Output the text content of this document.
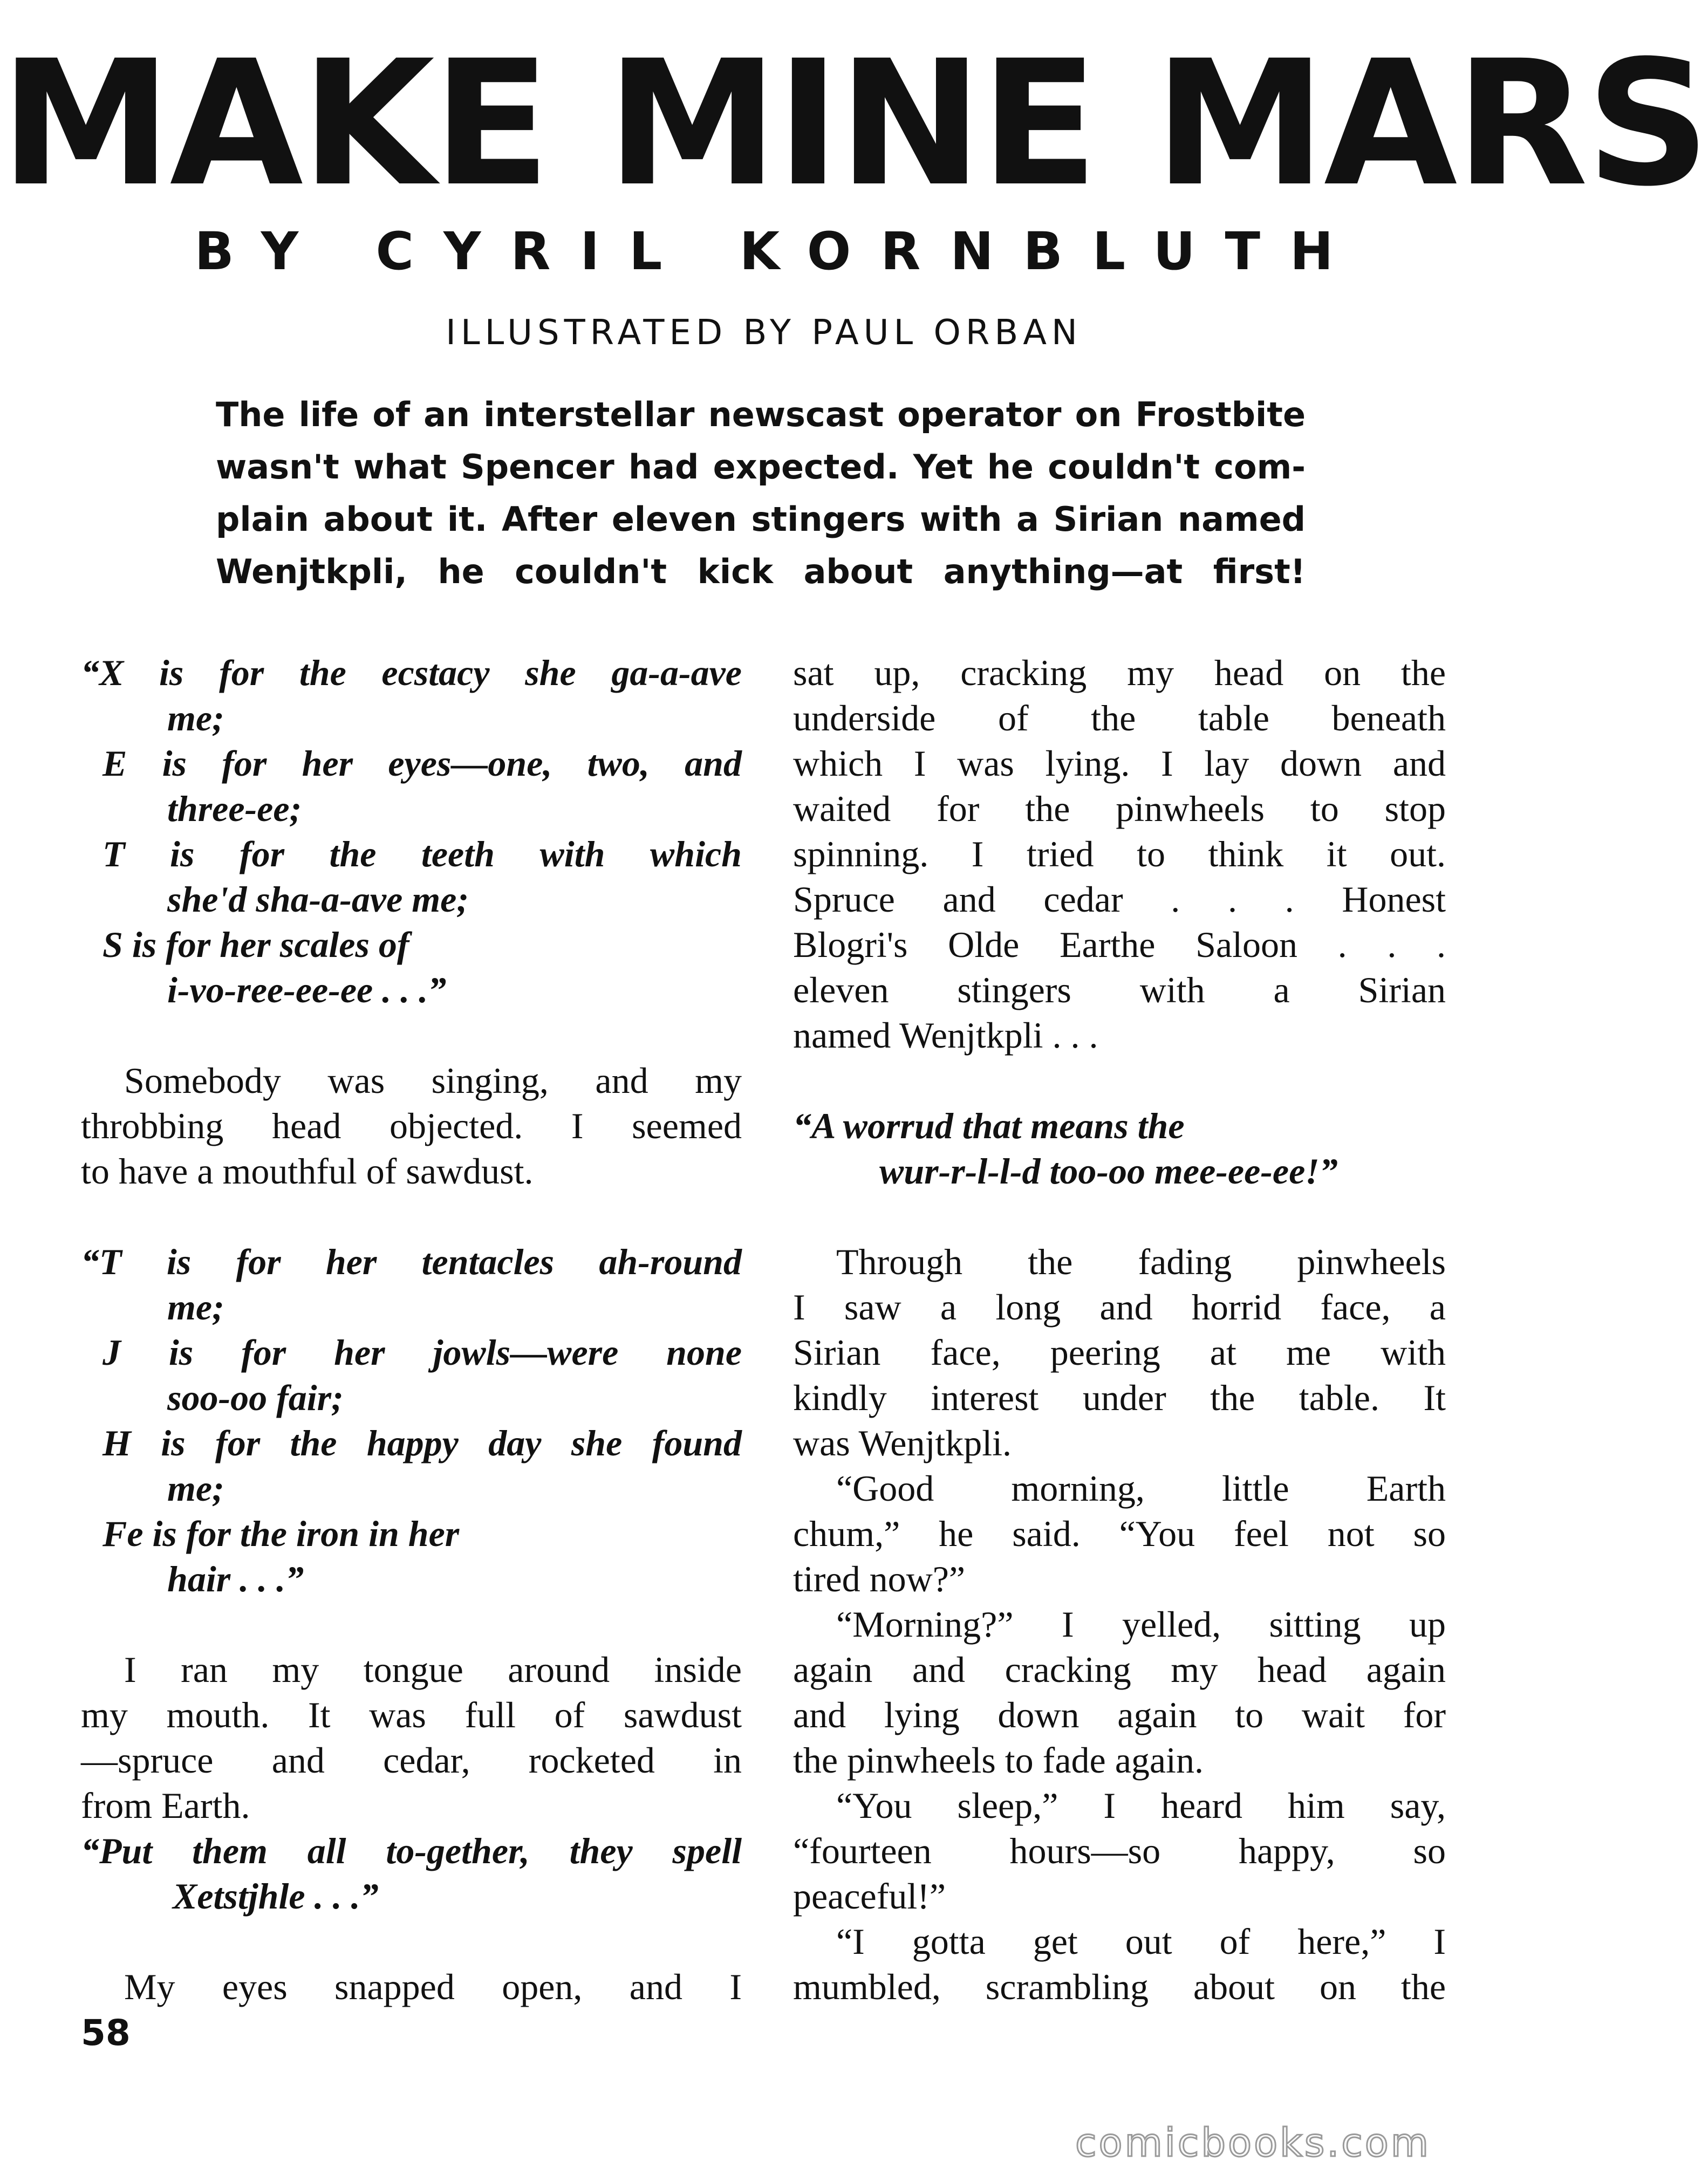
MAKE MINE MARS
BY CYRIL KORNBLUTH
ILLUSTRATED BY PAUL ORBAN
The life of an interstellar newscast operator on Frostbite
wasn't what Spencer had expected. Yet he couldn't com-
plain about it. After eleven stingers with a Sirian named
Wenjtkpli, he couldn't kick about anything—at first!
“X is for the ecstacy she ga-a-ave
me;
E is for her eyes—one, two, and
three-ee;
T is for the teeth with which
she'd sha-a-ave me;
S is for her scales of
i-vo-ree-ee-ee . . .”
Somebody was singing, and my
throbbing head objected. I seemed
to have a mouthful of sawdust.
“T is for her tentacles ah-round
me;
J is for her jowls—were none
soo-oo fair;
H is for the happy day she found
me;
Fe is for the iron in her
hair . . .”
I ran my tongue around inside
my mouth. It was full of sawdust
—spruce and cedar, rocketed in
from Earth.
“Put them all to-gether, they spell
Xetstjhle . . .”
My eyes snapped open, and I
sat up, cracking my head on the
underside of the table beneath
which I was lying. I lay down and
waited for the pinwheels to stop
spinning. I tried to think it out.
Spruce and cedar . . . Honest
Blogri's Olde Earthe Saloon . . .
eleven stingers with a Sirian
named Wenjtkpli . . .
“A worrud that means the
wur-r-l-l-d too-oo mee-ee-ee!”
Through the fading pinwheels
I saw a long and horrid face, a
Sirian face, peering at me with
kindly interest under the table. It
was Wenjtkpli.
“Good morning, little Earth
chum,” he said. “You feel not so
tired now?”
“Morning?” I yelled, sitting up
again and cracking my head again
and lying down again to wait for
the pinwheels to fade again.
“You sleep,” I heard him say,
“fourteen hours—so happy, so
peaceful!”
“I gotta get out of here,” I
mumbled, scrambling about on the
58
comicbooks.com
